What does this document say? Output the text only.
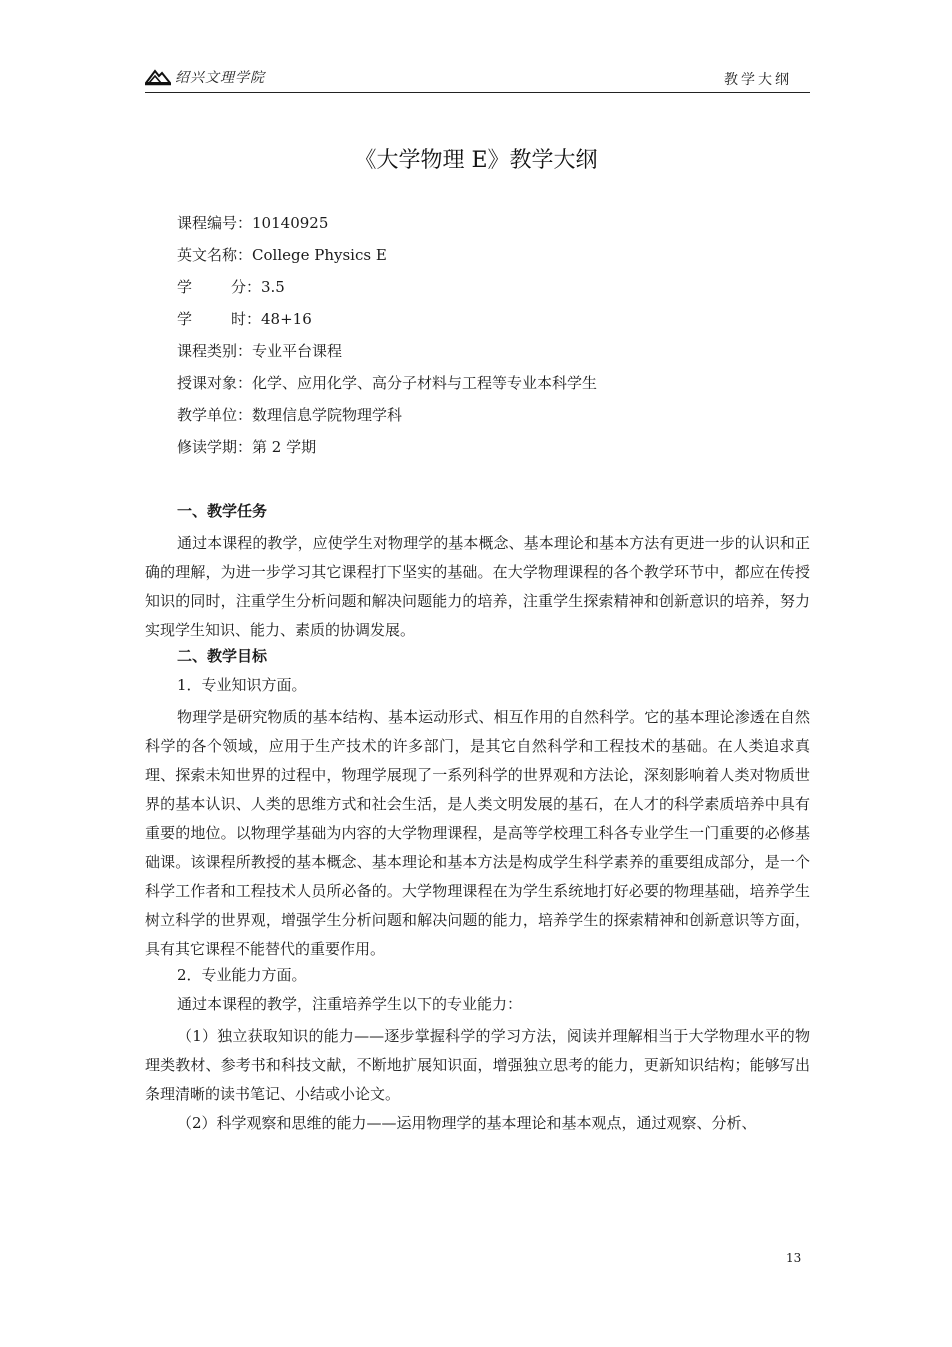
绍兴文理学院	教学大纲
《大学物理 E》教学大纲
课程编号： 10140925
英文名称： College Physics E
学	分： 3.5
学	时： 48+16
课程类别： 专业平台课程
授课对象： 化学、应用化学、高分子材料与工程等专业本科学生
教学单位： 数理信息学院物理学科
修读学期： 第 2 学期
一、教学任务

通过本课程的教学，应使学生对物理学的基本概念、基本理论和基本方法有更进一步的认识和正确的理解，为进一步学习其它课程打下坚实的基础。在大学物理课程的各个教学环节中，都应在传授知识的同时，注重学生分析问题和解决问题能力的培养，注重学生探索精神和创新意识的培养，努力实现学生知识、能力、素质的协调发展。

二、教学目标
1．专业知识方面。

物理学是研究物质的基本结构、基本运动形式、相互作用的自然科学。它的基本理论渗透在自然科学的各个领域，应用于生产技术的许多部门，是其它自然科学和工程技术的基础。在人类追求真理、探索未知世界的过程中，物理学展现了一系列科学的世界观和方法论，深刻影响着人类对物质世界的基本认识、人类的思维方式和社会生活，是人类文明发展的基石，在人才的科学素质培养中具有重要的地位。以物理学基础为内容的大学物理课程，是高等学校理工科各专业学生一门重要的必修基础课。该课程所教授的基本概念、基本理论和基本方法是构成学生科学素养的重要组成部分，是一个科学工作者和工程技术人员所必备的。大学物理课程在为学生系统地打好必要的物理基础，培养学生树立科学的世界观，增强学生分析问题和解决问题的能力，培养学生的探索精神和创新意识等方面，具有其它课程不能替代的重要作用。

2．专业能力方面。
通过本课程的教学，注重培养学生以下的专业能力：

（1）独立获取知识的能力——逐步掌握科学的学习方法，阅读并理解相当于大学物理水平的物理类教材、参考书和科技文献，不断地扩展知识面，增强独立思考的能力，更新知识结构；能够写出条理清晰的读书笔记、小结或小论文。

（2）科学观察和思维的能力——运用物理学的基本理论和基本观点，通过观察、分析、

13
